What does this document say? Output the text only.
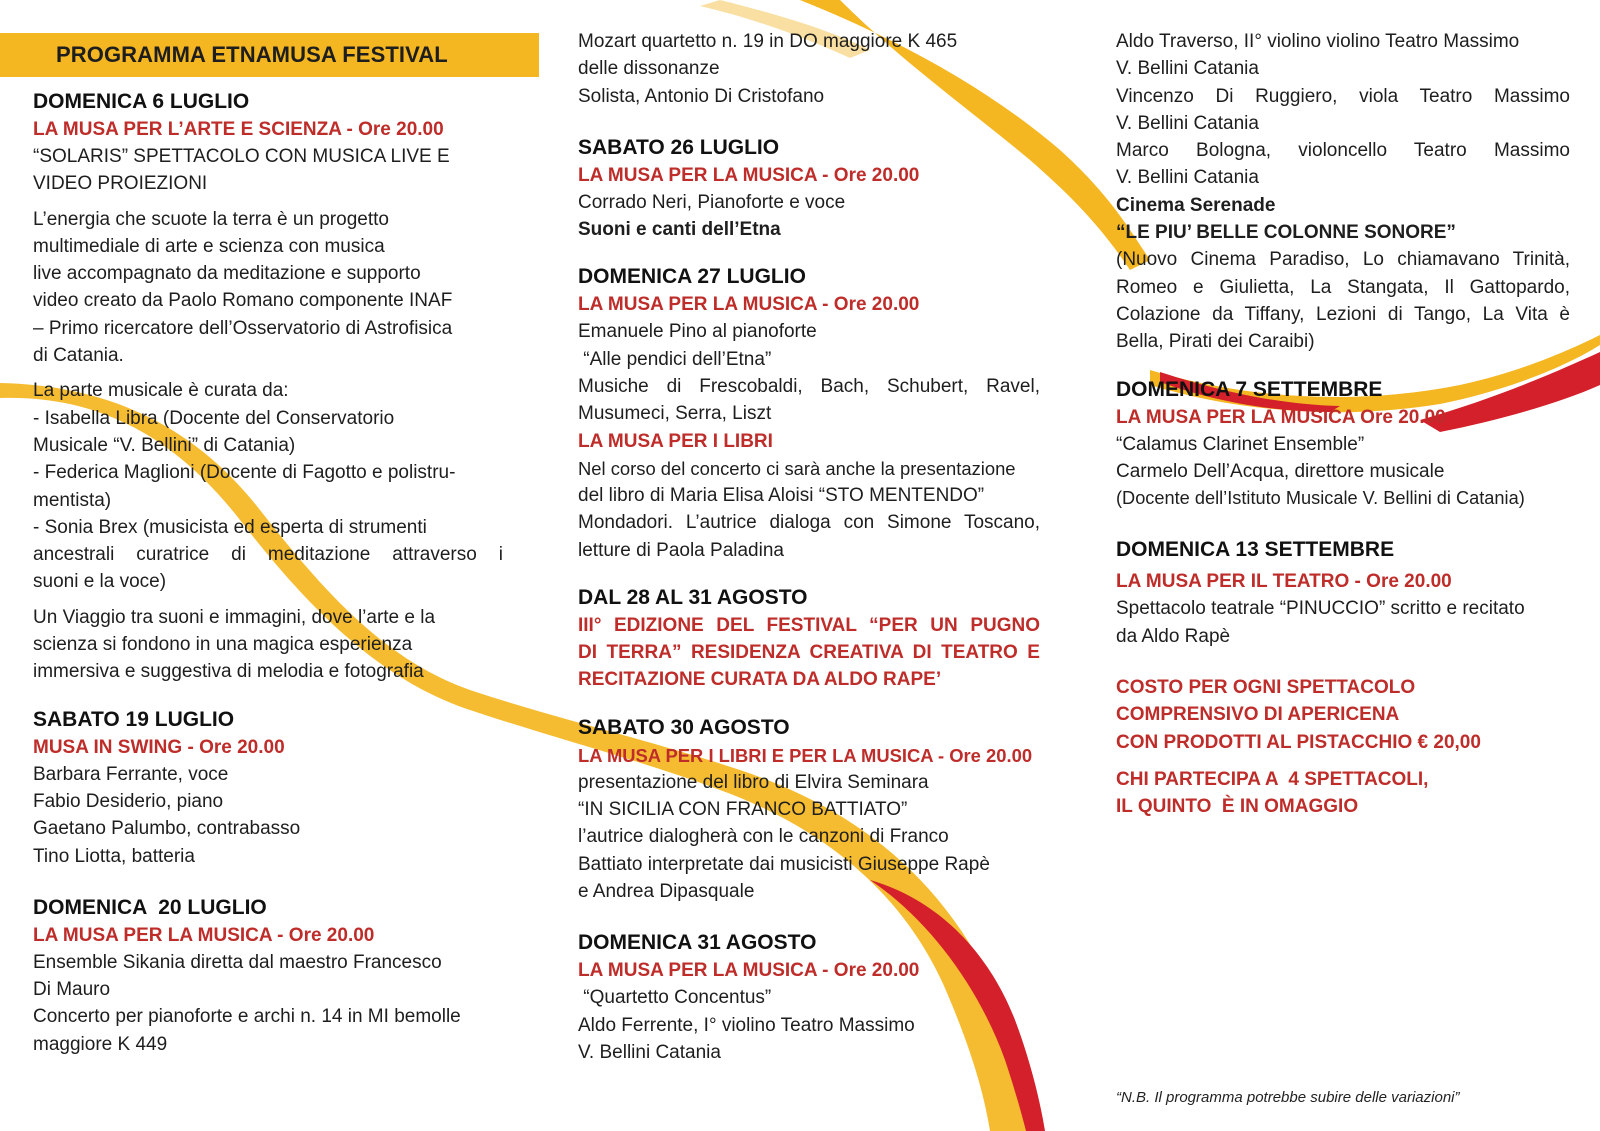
PROGRAMMA ETNAMUSA FESTIVAL
DOMENICA 6 LUGLIO
LA MUSA PER L’ARTE E SCIENZA - Ore 20.00
“SOLARIS” SPETTACOLO CON MUSICA LIVE E
VIDEO PROIEZIONI
L’energia che scuote la terra è un progetto
multimediale di arte e scienza con musica
live accompagnato da meditazione e supporto
video creato da Paolo Romano componente INAF
– Primo ricercatore dell’Osservatorio di Astrofisica
di Catania.
La parte musicale è curata da:
- Isabella Libra (Docente del Conservatorio
Musicale “V. Bellini” di Catania)
- Federica Maglioni (Docente di Fagotto e polistru-
mentista)
- Sonia Brex (musicista ed esperta di strumenti
ancestrali curatrice di meditazione attraverso i
suoni e la voce)
Un Viaggio tra suoni e immagini, dove l’arte e la
scienza si fondono in una magica esperienza
immersiva e suggestiva di melodia e fotografia
SABATO 19 LUGLIO
MUSA IN SWING - Ore 20.00
Barbara Ferrante, voce
Fabio Desiderio, piano
Gaetano Palumbo, contrabasso
Tino Liotta, batteria
DOMENICA  20 LUGLIO
LA MUSA PER LA MUSICA - Ore 20.00
Ensemble Sikania diretta dal maestro Francesco
Di Mauro
Concerto per pianoforte e archi n. 14 in MI bemolle
maggiore K 449
Mozart quartetto n. 19 in DO maggiore K 465
delle dissonanze
Solista, Antonio Di Cristofano
SABATO 26 LUGLIO
LA MUSA PER LA MUSICA - Ore 20.00
Corrado Neri, Pianoforte e voce
Suoni e canti dell’Etna
DOMENICA 27 LUGLIO
LA MUSA PER LA MUSICA - Ore 20.00
Emanuele Pino al pianoforte
“Alle pendici dell’Etna”
Musiche di Frescobaldi, Bach, Schubert, Ravel,
Musumeci, Serra, Liszt
LA MUSA PER I LIBRI
Nel corso del concerto ci sarà anche la presentazione
del libro di Maria Elisa Aloisi “STO MENTENDO”
Mondadori. L’autrice dialoga con Simone Toscano,
letture di Paola Paladina
DAL 28 AL 31 AGOSTO
III° EDIZIONE DEL FESTIVAL “PER UN PUGNO
DI TERRA” RESIDENZA CREATIVA DI TEATRO E
RECITAZIONE CURATA DA ALDO RAPE’
SABATO 30 AGOSTO
LA MUSA PER I LIBRI E PER LA MUSICA - Ore 20.00
presentazione del libro di Elvira Seminara
“IN SICILIA CON FRANCO BATTIATO”
l’autrice dialogherà con le canzoni di Franco
Battiato interpretate dai musicisti Giuseppe Rapè
e Andrea Dipasquale
DOMENICA 31 AGOSTO
LA MUSA PER LA MUSICA - Ore 20.00
“Quartetto Concentus”
Aldo Ferrente, I° violino Teatro Massimo
V. Bellini Catania
Aldo Traverso, II° violino violino Teatro Massimo
V. Bellini Catania
Vincenzo Di Ruggiero, viola Teatro Massimo
V. Bellini Catania
Marco Bologna, violoncello Teatro Massimo
V. Bellini Catania
Cinema Serenade
“LE PIU’ BELLE COLONNE SONORE”
(Nuovo Cinema Paradiso, Lo chiamavano Trinità,
Romeo e Giulietta, La Stangata, Il Gattopardo,
Colazione da Tiffany, Lezioni di Tango, La Vita è
Bella, Pirati dei Caraibi)
DOMENICA 7 SETTEMBRE
LA MUSA PER LA MUSICA Ore 20.00
“Calamus Clarinet Ensemble”
Carmelo Dell’Acqua, direttore musicale
(Docente dell’Istituto Musicale V. Bellini di Catania)
DOMENICA 13 SETTEMBRE
LA MUSA PER IL TEATRO - Ore 20.00
Spettacolo teatrale “PINUCCIO” scritto e recitato
da Aldo Rapè
COSTO PER OGNI SPETTACOLO
COMPRENSIVO DI APERICENA
CON PRODOTTI AL PISTACCHIO € 20,00
CHI PARTECIPA A  4 SPETTACOLI,
IL QUINTO  È IN OMAGGIO
“N.B. Il programma potrebbe subire delle variazioni”
